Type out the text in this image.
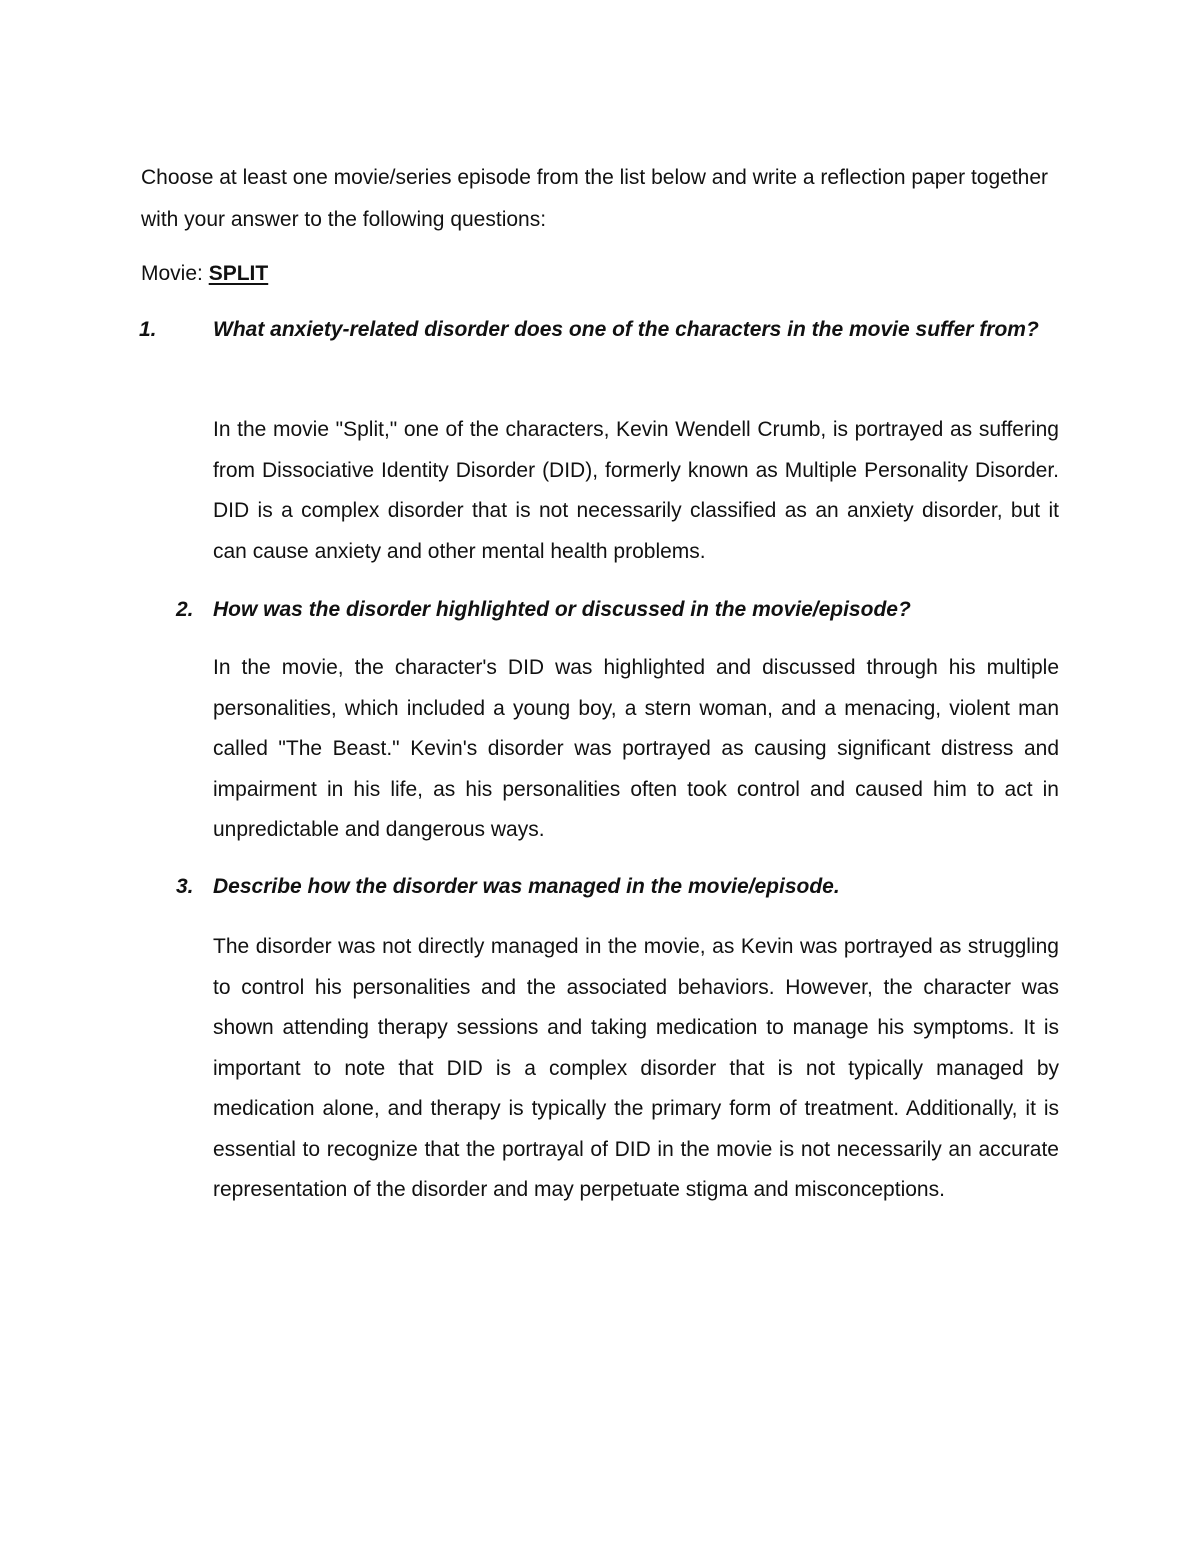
Choose at least one movie/series episode from the list below and write a reflection paper together with your answer to the following questions:

Movie: SPLIT

1.	What anxiety-related disorder does one of the characters in the movie suffer from?

In the movie "Split," one of the characters, Kevin Wendell Crumb, is portrayed as suffering from Dissociative Identity Disorder (DID), formerly known as Multiple Personality Disorder. DID is a complex disorder that is not necessarily classified as an anxiety disorder, but it can cause anxiety and other mental health problems.

2. How was the disorder highlighted or discussed in the movie/episode?

In the movie, the character's DID was highlighted and discussed through his multiple personalities, which included a young boy, a stern woman, and a menacing, violent man called "The Beast." Kevin's disorder was portrayed as causing significant distress and impairment in his life, as his personalities often took control and caused him to act in unpredictable and dangerous ways.

3. Describe how the disorder was managed in the movie/episode.

The disorder was not directly managed in the movie, as Kevin was portrayed as struggling to control his personalities and the associated behaviors. However, the character was shown attending therapy sessions and taking medication to manage his symptoms. It is important to note that DID is a complex disorder that is not typically managed by medication alone, and therapy is typically the primary form of treatment. Additionally, it is essential to recognize that the portrayal of DID in the movie is not necessarily an accurate representation of the disorder and may perpetuate stigma and misconceptions.
